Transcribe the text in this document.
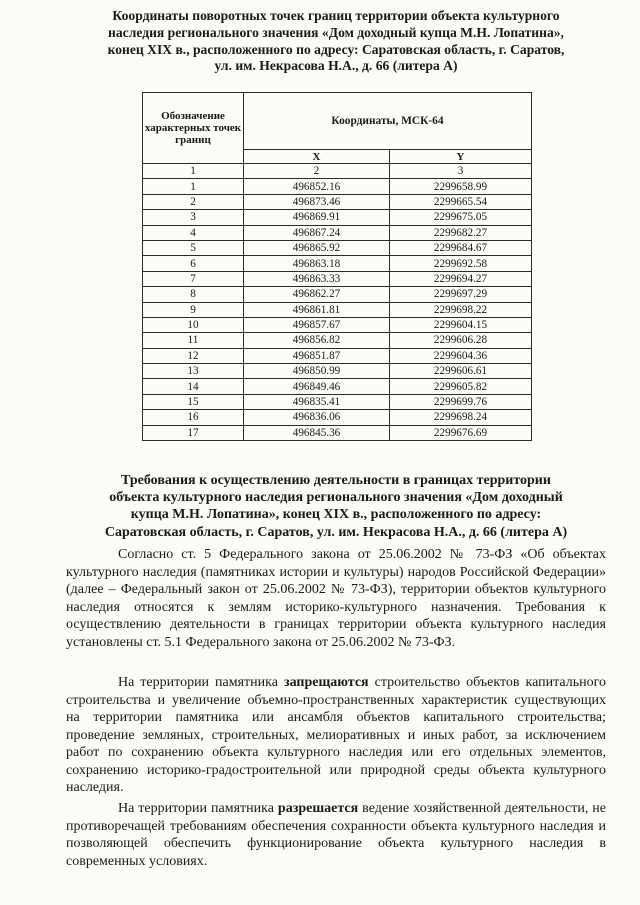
Координаты поворотных точек границ территории объекта культурного
наследия регионального значения «Дом доходный купца М.Н. Лопатина»,
конец XIX в., расположенного по адресу: Саратовская область, г. Саратов,
ул. им. Некрасова Н.А., д. 66 (литера А)
Обозначение характерных точек границ	Координаты, МСК-64	
	X	Y
1	2	3
1	496852.16	2299658.99
2	496873.46	2299665.54
3	496869.91	2299675.05
4	496867.24	2299682.27
5	496865.92	2299684.67
6	496863.18	2299692.58
7	496863.33	2299694.27
8	496862.27	2299697.29
9	496861.81	2299698.22
10	496857.67	2299604.15
11	496856.82	2299606.28
12	496851.87	2299604.36
13	496850.99	2299606.61
14	496849.46	2299605.82
15	496835.41	2299699.76
16	496836.06	2299698.24
17	496845.36	2299676.69
Требования к осуществлению деятельности в границах территории
объекта культурного наследия регионального значения «Дом доходный
купца М.Н. Лопатина», конец XIX в., расположенного по адресу:
Саратовская область, г. Саратов, ул. им. Некрасова Н.А., д. 66 (литера А)

Согласно ст. 5 Федерального закона от 25.06.2002 № 73-ФЗ «Об объектах культурного наследия (памятниках истории и культуры) народов Российской Федерации» (далее – Федеральный закон от 25.06.2002 № 73-ФЗ), территории объектов культурного наследия относятся к землям историко-культурного назначения. Требования к осуществлению деятельности в границах территории объекта культурного наследия установлены ст. 5.1 Федерального закона от 25.06.2002 № 73-ФЗ.

На территории памятника запрещаются строительство объектов капитального строительства и увеличение объемно-пространственных характеристик существующих на территории памятника или ансамбля объектов капитального строительства; проведение земляных, строительных, мелиоративных и иных работ, за исключением работ по сохранению объекта культурного наследия или его отдельных элементов, сохранению историко-градостроительной или природной среды объекта культурного наследия.

На территории памятника разрешается ведение хозяйственной деятельности, не противоречащей требованиям обеспечения сохранности объекта культурного наследия и позволяющей обеспечить функционирование объекта культурного наследия в современных условиях.
